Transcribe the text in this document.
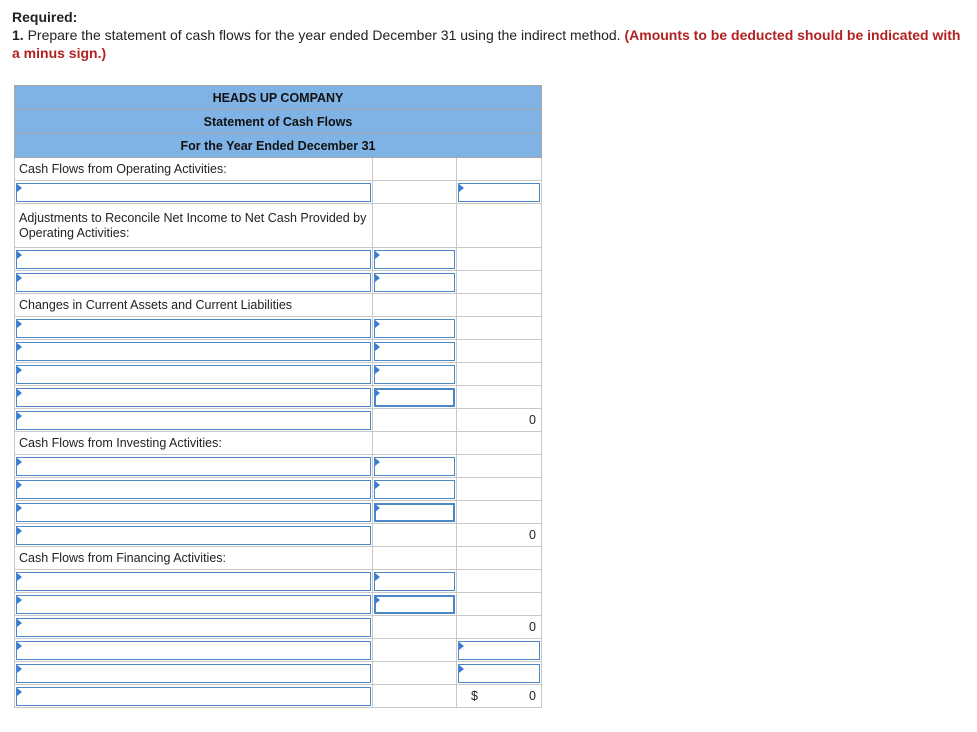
Required:
1. Prepare the statement of cash flows for the year ended December 31 using the indirect method. (Amounts to be deducted should be indicated with a minus sign.)
HEADS UP COMPANY		
Statement of Cash Flows		
For the Year Ended December 31		
Cash Flows from Operating Activities:		

Adjustments to Reconcile Net Income to Net Cash Provided by Operating Activities:		

Changes in Current Assets and Current Liabilities		

		0
Cash Flows from Investing Activities:		

		0
Cash Flows from Financing Activities:		

		0

		$ 0
